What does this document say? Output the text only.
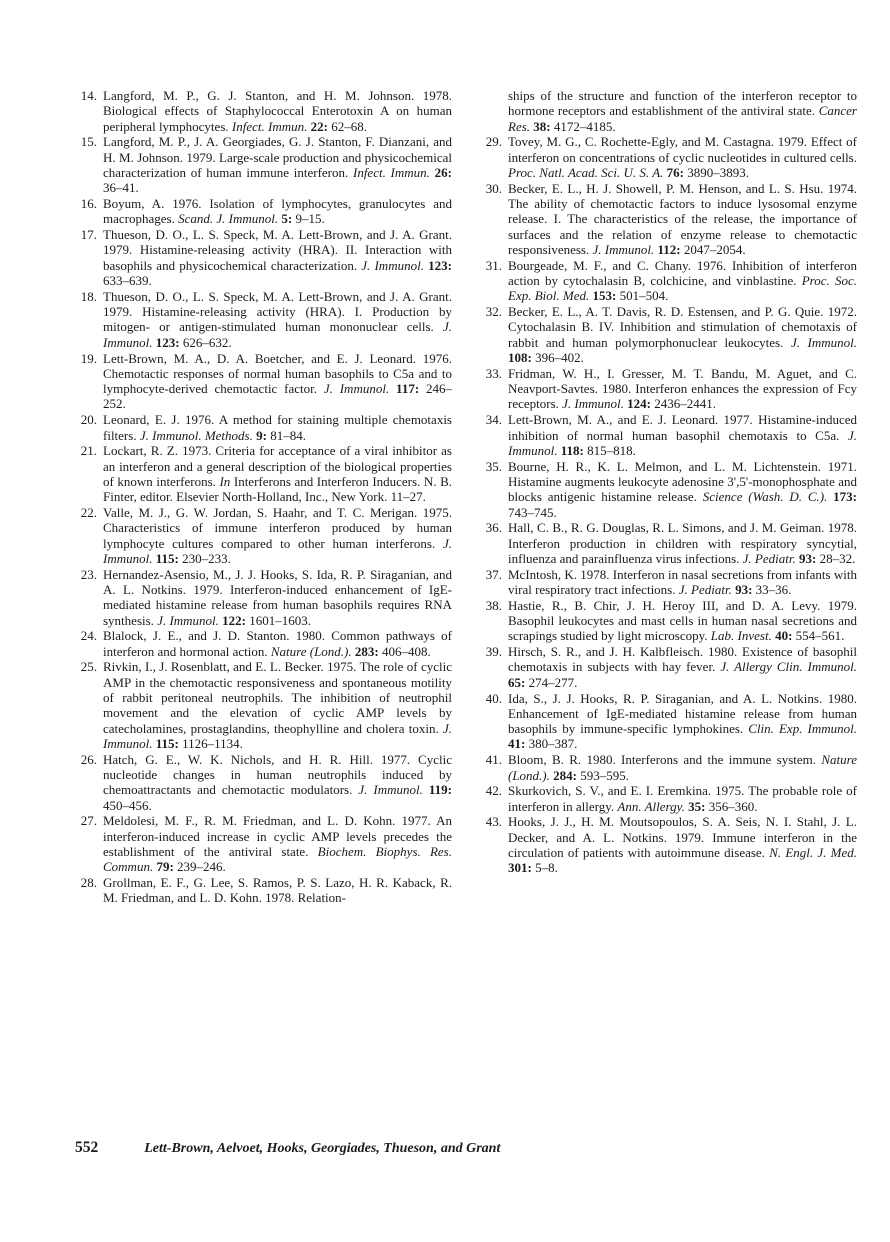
14. Langford, M. P., G. J. Stanton, and H. M. Johnson. 1978. Biological effects of Staphylococcal Enterotoxin A on human peripheral lymphocytes. Infect. Immun. 22: 62–68.
15. Langford, M. P., J. A. Georgiades, G. J. Stanton, F. Dianzani, and H. M. Johnson. 1979. Large-scale production and physicochemical characterization of human immune interferon. Infect. Immun. 26: 36–41.
16. Boyum, A. 1976. Isolation of lymphocytes, granulocytes and macrophages. Scand. J. Immunol. 5: 9–15.
17. Thueson, D. O., L. S. Speck, M. A. Lett-Brown, and J. A. Grant. 1979. Histamine-releasing activity (HRA). II. Interaction with basophils and physicochemical characterization. J. Immunol. 123: 633–639.
18. Thueson, D. O., L. S. Speck, M. A. Lett-Brown, and J. A. Grant. 1979. Histamine-releasing activity (HRA). I. Production by mitogen- or antigen-stimulated human mononuclear cells. J. Immunol. 123: 626–632.
19. Lett-Brown, M. A., D. A. Boetcher, and E. J. Leonard. 1976. Chemotactic responses of normal human basophils to C5a and to lymphocyte-derived chemotactic factor. J. Immunol. 117: 246–252.
20. Leonard, E. J. 1976. A method for staining multiple chemotaxis filters. J. Immunol. Methods. 9: 81–84.
21. Lockart, R. Z. 1973. Criteria for acceptance of a viral inhibitor as an interferon and a general description of the biological properties of known interferons. In Interferons and Interferon Inducers. N. B. Finter, editor. Elsevier North-Holland, Inc., New York. 11–27.
22. Valle, M. J., G. W. Jordan, S. Haahr, and T. C. Merigan. 1975. Characteristics of immune interferon produced by human lymphocyte cultures compared to other human interferons. J. Immunol. 115: 230–233.
23. Hernandez-Asensio, M., J. J. Hooks, S. Ida, R. P. Siraganian, and A. L. Notkins. 1979. Interferon-induced enhancement of IgE-mediated histamine release from human basophils requires RNA synthesis. J. Immunol. 122: 1601–1603.
24. Blalock, J. E., and J. D. Stanton. 1980. Common pathways of interferon and hormonal action. Nature (Lond.). 283: 406–408.
25. Rivkin, I., J. Rosenblatt, and E. L. Becker. 1975. The role of cyclic AMP in the chemotactic responsiveness and spontaneous motility of rabbit peritoneal neutrophils. The inhibition of neutrophil movement and the elevation of cyclic AMP levels by catecholamines, prostaglandins, theophylline and cholera toxin. J. Immunol. 115: 1126–1134.
26. Hatch, G. E., W. K. Nichols, and H. R. Hill. 1977. Cyclic nucleotide changes in human neutrophils induced by chemoattractants and chemotactic modulators. J. Immunol. 119: 450–456.
27. Meldolesi, M. F., R. M. Friedman, and L. D. Kohn. 1977. An interferon-induced increase in cyclic AMP levels precedes the establishment of the antiviral state. Biochem. Biophys. Res. Commun. 79: 239–246.
28. Grollman, E. F., G. Lee, S. Ramos, P. S. Lazo, H. R. Kaback, R. M. Friedman, and L. D. Kohn. 1978. Relation-
ships of the structure and function of the interferon receptor to hormone receptors and establishment of the antiviral state. Cancer Res. 38: 4172–4185.
29. Tovey, M. G., C. Rochette-Egly, and M. Castagna. 1979. Effect of interferon on concentrations of cyclic nucleotides in cultured cells. Proc. Natl. Acad. Sci. U. S. A. 76: 3890–3893.
30. Becker, E. L., H. J. Showell, P. M. Henson, and L. S. Hsu. 1974. The ability of chemotactic factors to induce lysosomal enzyme release. I. The characteristics of the release, the importance of surfaces and the relation of enzyme release to chemotactic responsiveness. J. Immunol. 112: 2047–2054.
31. Bourgeade, M. F., and C. Chany. 1976. Inhibition of interferon action by cytochalasin B, colchicine, and vinblastine. Proc. Soc. Exp. Biol. Med. 153: 501–504.
32. Becker, E. L., A. T. Davis, R. D. Estensen, and P. G. Quie. 1972. Cytochalasin B. IV. Inhibition and stimulation of chemotaxis of rabbit and human polymorphonuclear leukocytes. J. Immunol. 108: 396–402.
33. Fridman, W. H., I. Gresser, M. T. Bandu, M. Aguet, and C. Neavport-Savtes. 1980. Interferon enhances the expression of Fcy receptors. J. Immunol. 124: 2436–2441.
34. Lett-Brown, M. A., and E. J. Leonard. 1977. Histamine-induced inhibition of normal human basophil chemotaxis to C5a. J. Immunol. 118: 815–818.
35. Bourne, H. R., K. L. Melmon, and L. M. Lichtenstein. 1971. Histamine augments leukocyte adenosine 3',5'-monophosphate and blocks antigenic histamine release. Science (Wash. D. C.). 173: 743–745.
36. Hall, C. B., R. G. Douglas, R. L. Simons, and J. M. Geiman. 1978. Interferon production in children with respiratory syncytial, influenza and parainfluenza virus infections. J. Pediatr. 93: 28–32.
37. McIntosh, K. 1978. Interferon in nasal secretions from infants with viral respiratory tract infections. J. Pediatr. 93: 33–36.
38. Hastie, R., B. Chir, J. H. Heroy III, and D. A. Levy. 1979. Basophil leukocytes and mast cells in human nasal secretions and scrapings studied by light microscopy. Lab. Invest. 40: 554–561.
39. Hirsch, S. R., and J. H. Kalbfleisch. 1980. Existence of basophil chemotaxis in subjects with hay fever. J. Allergy Clin. Immunol. 65: 274–277.
40. Ida, S., J. J. Hooks, R. P. Siraganian, and A. L. Notkins. 1980. Enhancement of IgE-mediated histamine release from human basophils by immune-specific lymphokines. Clin. Exp. Immunol. 41: 380–387.
41. Bloom, B. R. 1980. Interferons and the immune system. Nature (Lond.). 284: 593–595.
42. Skurkovich, S. V., and E. I. Eremkina. 1975. The probable role of interferon in allergy. Ann. Allergy. 35: 356–360.
43. Hooks, J. J., H. M. Moutsopoulos, S. A. Seis, N. I. Stahl, J. L. Decker, and A. L. Notkins. 1979. Immune interferon in the circulation of patients with autoimmune disease. N. Engl. J. Med. 301: 5–8.
552	Lett-Brown, Aelvoet, Hooks, Georgiades, Thueson, and Grant
